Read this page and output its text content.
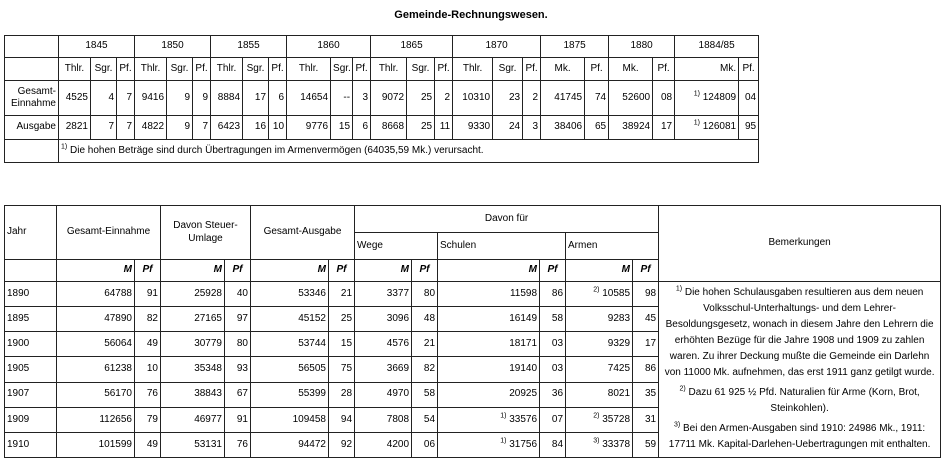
Gemeinde-Rechnungswesen.
	1845			1850			1855			1860			1865			1870			1875		1880		1884/85	
	Thlr.	Sgr.	Pf.	Thlr.	Sgr.	Pf.	Thlr.	Sgr.	Pf.	Thlr.	Sgr.	Pf.	Thlr.	Sgr.	Pf.	Thlr.	Sgr.	Pf.	Mk.	Pf.	Mk.	Pf.	Mk.	Pf.
Gesamt-Einnahme	4525	4	7	9416	9	9	8884	17	6	14654	--	3	9072	25	2	10310	23	2	41745	74	52600	08	$^{1)}$ 124809	04
Ausgabe	2821	7	7	4822	9	7	6423	16	10	9776	15	6	8668	25	11	9330	24	3	38406	65	38924	17	$^{1)}$ 126081	95
	$^{1)}$ Die hohen Beträge sind durch Übertragungen im Armenvermögen (64035,59 Mk.) verursacht.																							
Jahr	Gesamt-Einnahme		Davon Steuer-Umlage		Gesamt-Ausgabe		Davon für						Bemerkungen
							Wege		Schulen		Armen		
	M	Pf	M	Pf	M	Pf	M	Pf	M	Pf	M	Pf	
1890	64788	91	25928	40	53346	21	3377	80	11598	86	$^{2)}$ 10585	98	$^{1)}$ Die hohen Schulausgaben resultieren aus dem neuen Volksschul-Unterhaltungs- und dem Lehrer-Besoldungsgesetz, wonach in diesem Jahre den Lehrern die erhöhten Bezüge für die Jahre 1908 und 1909 zu zahlen waren. Zu ihrer Deckung mußte die Gemeinde ein Darlehn von 11000 Mk. aufnehmen, das erst 1911 ganz getilgt wurde.

$^{2)}$ Dazu 61 925 ½ Pfd. Naturalien für Arme (Korn, Brot, Steinkohlen).

$^{3)}$ Bei den Armen-Ausgaben sind 1910: 24986 Mk., 1911: 17711 Mk. Kapital-Darlehen-Uebertragungen mit enthalten.

1895	47890	82	27165	97	45152	25	3096	48	16149	58	9283	45	
1900	56064	49	30779	80	53744	15	4576	21	18171	03	9329	17	
1905	61238	10	35348	93	56505	75	3669	82	19140	03	7425	86	
1907	56170	76	38843	67	55399	28	4970	58	20925	36	8021	35	
1909	112656	79	46977	91	109458	94	7808	54	$^{1)}$ 33576	07	$^{2)}$ 35728	31	
1910	101599	49	53131	76	94472	92	4200	06	$^{1)}$ 31756	84	$^{3)}$ 33378	59	
